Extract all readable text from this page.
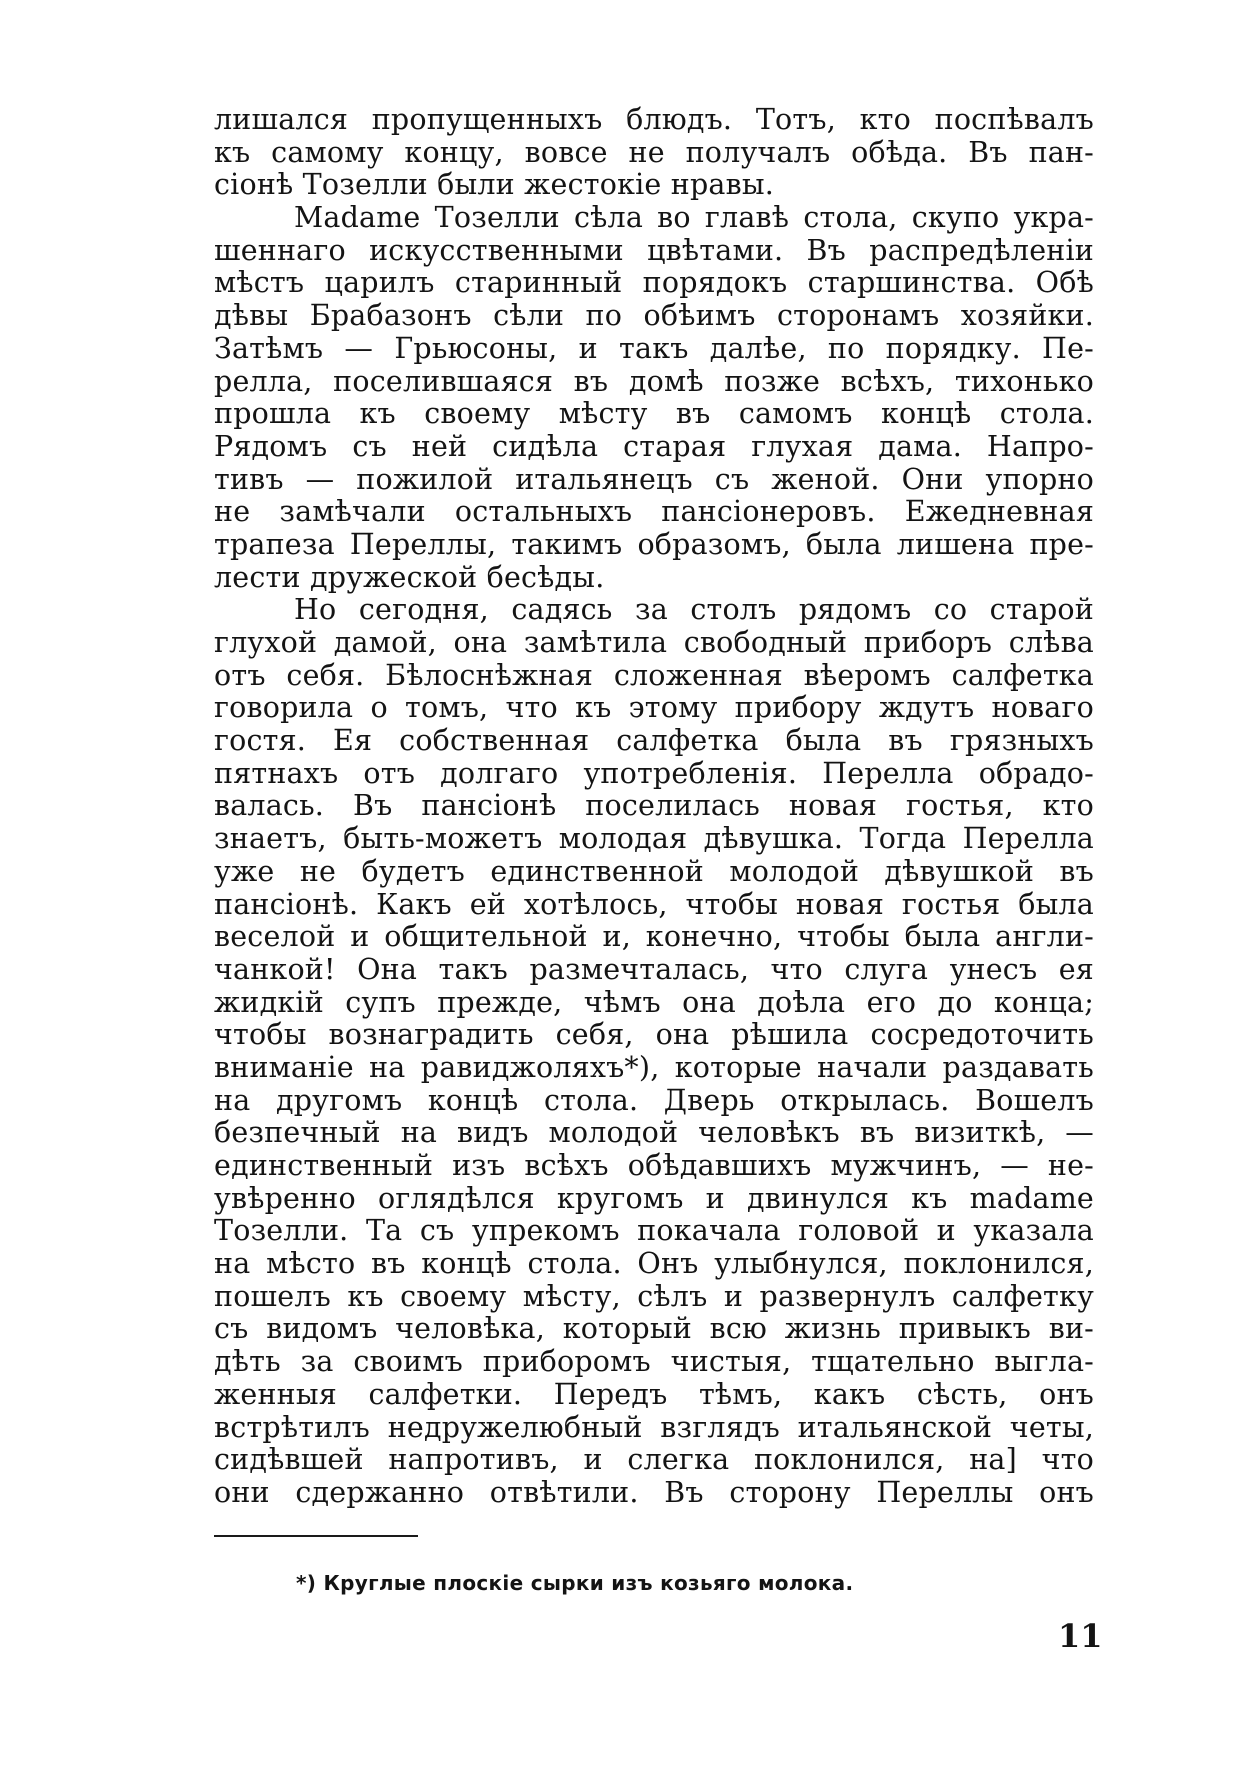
лишался пропущенныхъ блюдъ. Тотъ, кто поспѣвалъ
къ самому концу, вовсе не получалъ обѣда. Въ пан-
сіонѣ Тозелли были жестокіе нравы.
Madame Тозелли сѣла во главѣ стола, скупо укра-
шеннаго искусственными цвѣтами. Въ распредѣленіи
мѣстъ царилъ старинный порядокъ старшинства. Обѣ
дѣвы Брабазонъ сѣли по обѣимъ сторонамъ хозяйки.
Затѣмъ — Грьюсоны, и такъ далѣе, по порядку. Пе-
релла, поселившаяся въ домѣ позже всѣхъ, тихонько
прошла къ своему мѣсту въ самомъ концѣ стола.
Рядомъ съ ней сидѣла старая глухая дама. Напро-
тивъ — пожилой итальянецъ съ женой. Они упорно
не замѣчали остальныхъ пансіонеровъ. Ежедневная
трапеза Переллы, такимъ образомъ, была лишена пре-
лести дружеской бесѣды.
Но сегодня, садясь за столъ рядомъ со старой
глухой дамой, она замѣтила свободный приборъ слѣва
отъ себя. Бѣлоснѣжная сложенная вѣеромъ салфетка
говорила о томъ, что къ этому прибору ждутъ новаго
гостя. Ея собственная салфетка была въ грязныхъ
пятнахъ отъ долгаго употребленія. Перелла обрадо-
валась. Въ пансіонѣ поселилась новая гостья, кто
знаетъ, быть-можетъ молодая дѣвушка. Тогда Перелла
уже не будетъ единственной молодой дѣвушкой въ
пансіонѣ. Какъ ей хотѣлось, чтобы новая гостья была
веселой и общительной и, конечно, чтобы была англи-
чанкой! Она такъ размечталась, что слуга унесъ ея
жидкій супъ прежде, чѣмъ она доѣла его до конца;
чтобы вознаградить себя, она рѣшила сосредоточить
вниманіе на равиджоляхъ*), которые начали раздавать
на другомъ концѣ стола. Дверь открылась. Вошелъ
безпечный на видъ молодой человѣкъ въ визиткѣ, —
единственный изъ всѣхъ обѣдавшихъ мужчинъ, — не-
увѣренно оглядѣлся кругомъ и двинулся къ madame
Тозелли. Та съ упрекомъ покачала головой и указала
на мѣсто въ концѣ стола. Онъ улыбнулся, поклонился,
пошелъ къ своему мѣсту, сѣлъ и развернулъ салфетку
съ видомъ человѣка, который всю жизнь привыкъ ви-
дѣть за своимъ приборомъ чистыя, тщательно выгла-
женныя салфетки. Передъ тѣмъ, какъ сѣсть, онъ
встрѣтилъ недружелюбный взглядъ итальянской четы,
сидѣвшей напротивъ, и слегка поклонился, на] что
они сдержанно отвѣтили. Въ сторону Переллы онъ
*) Круглые плоскіе сырки изъ козьяго молока.
11
